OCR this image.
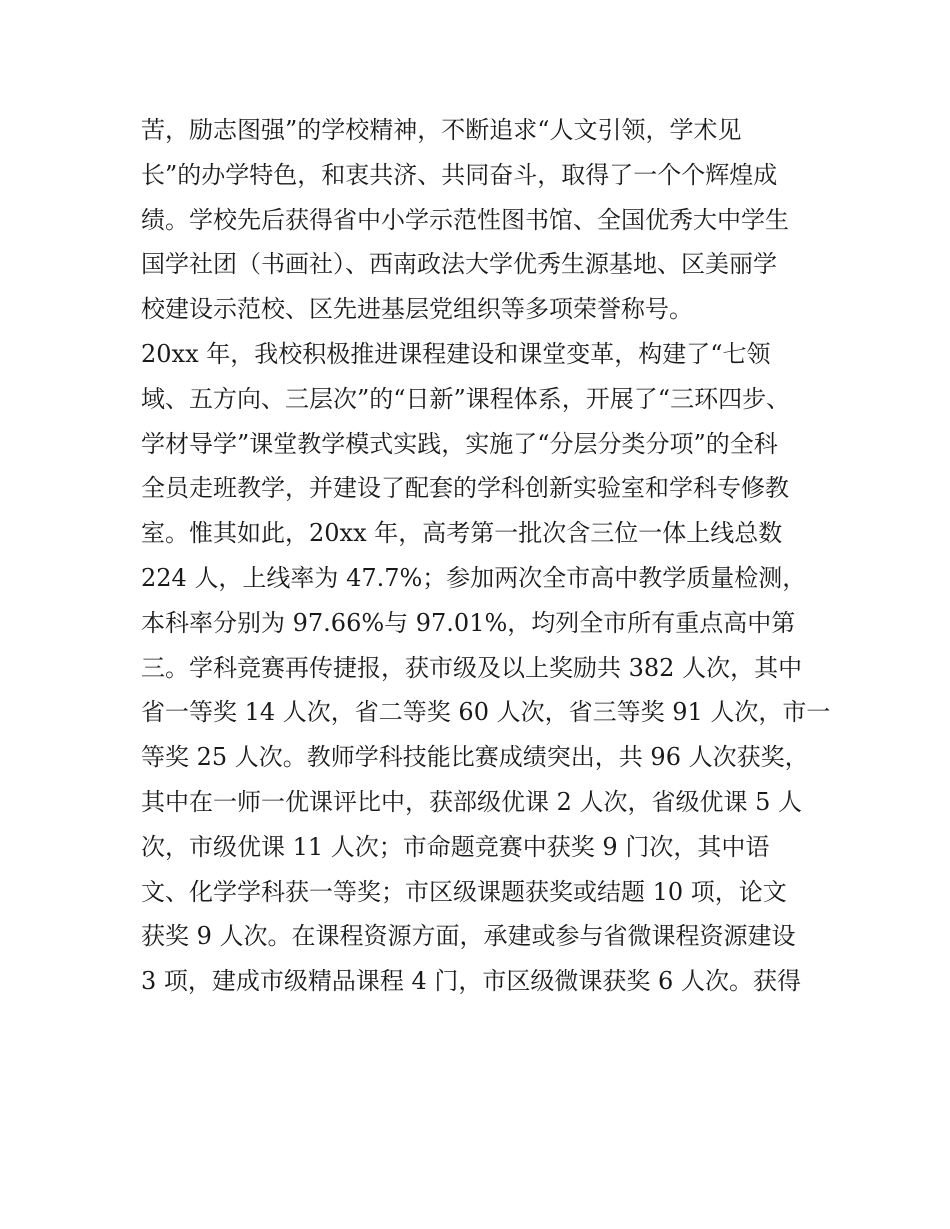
苦，励志图强”的学校精神，不断追求“人文引领，学术见

长”的办学特色，和衷共济、共同奋斗，取得了一个个辉煌成

绩。学校先后获得省中小学示范性图书馆、全国优秀大中学生

国学社团（书画社）、西南政法大学优秀生源基地、区美丽学

校建设示范校、区先进基层党组织等多项荣誉称号。

20xx 年，我校积极推进课程建设和课堂变革，构建了“七领

域、五方向、三层次”的“日新”课程体系，开展了“三环四步、

学材导学”课堂教学模式实践，实施了“分层分类分项”的全科

全员走班教学，并建设了配套的学科创新实验室和学科专修教

室。惟其如此，20xx 年，高考第一批次含三位一体上线总数

224 人，上线率为 47.7%；参加两次全市高中教学质量检测，

本科率分别为 97.66%与 97.01%，均列全市所有重点高中第

三。学科竞赛再传捷报，获市级及以上奖励共 382 人次，其中

省一等奖 14 人次，省二等奖 60 人次，省三等奖 91 人次，市一

等奖 25 人次。教师学科技能比赛成绩突出，共 96 人次获奖，

其中在一师一优课评比中，获部级优课 2 人次，省级优课 5 人

次，市级优课 11 人次；市命题竞赛中获奖 9 门次，其中语

文、化学学科获一等奖；市区级课题获奖或结题 10 项，论文

获奖 9 人次。在课程资源方面，承建或参与省微课程资源建设

3 项，建成市级精品课程 4 门，市区级微课获奖 6 人次。获得
